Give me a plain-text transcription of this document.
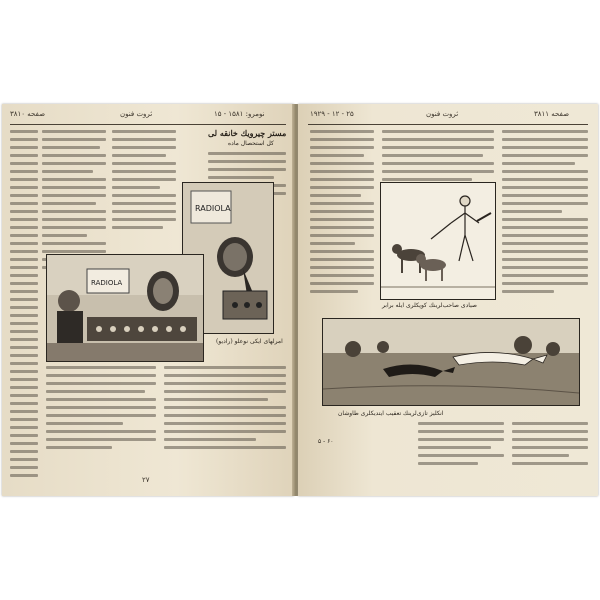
۳۸۱۰ صفحه	ثروت فنون	نومرو: ۱۵۸۱ - ۱۵
مستر چیرویك خانقه لی
کل استحصال ماده
RADIOLA
RADIOLA
امرلهای ایکی نوعلو (راديو)
۲۷
۱۹۲۹ - ۱۲ - ۲۵	ثروت فنون	صفحه ۳۸۱۱
صیادی صاحب‌لرینك كوپكلری ایله برابر
انكلیز تازی‌لرینك تعقیب ایتدیكلری طاوشان
۶۰ - ۵
